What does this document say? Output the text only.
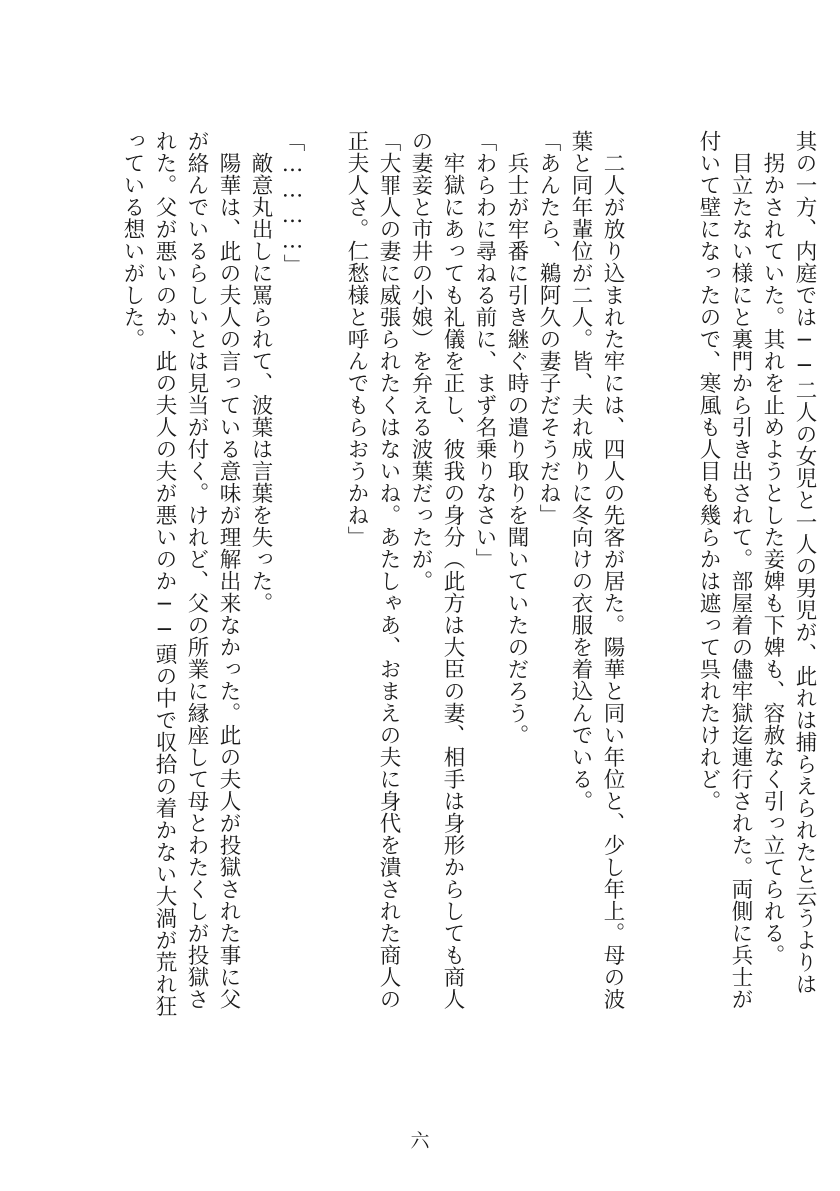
其の一方、内庭では──二人の女児と一人の男児が、此れは捕らえられたと云うよりは
拐かされていた。其れを止めようとした妾婢も下婢も、容赦なく引っ立てられる。
目立たない様にと裏門から引き出されて。部屋着の儘牢獄迄連行された。両側に兵士が
付いて壁になったので、寒風も人目も幾らかは遮って呉れたけれど。
二人が放り込まれた牢には、四人の先客が居た。陽華と同い年位と、少し年上。母の波
葉と同年輩位が二人。皆、夫れ成りに冬向けの衣服を着込んでいる。
「あんたら、鵜阿久の妻子だそうだね」
兵士が牢番に引き継ぐ時の遣り取りを聞いていたのだろう。
「わらわに尋ねる前に、まず名乗りなさい」
牢獄にあっても礼儀を正し、彼我の身分（此方は大臣の妻、相手は身形からしても商人
の妻妾と市井の小娘）を弁える波葉だったが。
「大罪人の妻に威張られたくはないね。あたしゃあ、おまえの夫に身代を潰された商人の
正夫人さ。仁愁様と呼んでもらおうかね」
「…………」
敵意丸出しに罵られて、波葉は言葉を失った。
陽華は、此の夫人の言っている意味が理解出来なかった。此の夫人が投獄された事に父
が絡んでいるらしいとは見当が付く。けれど、父の所業に縁座して母とわたくしが投獄さ
れた。父が悪いのか、此の夫人の夫が悪いのか──頭の中で収拾の着かない大渦が荒れ狂
っている想いがした。
六
